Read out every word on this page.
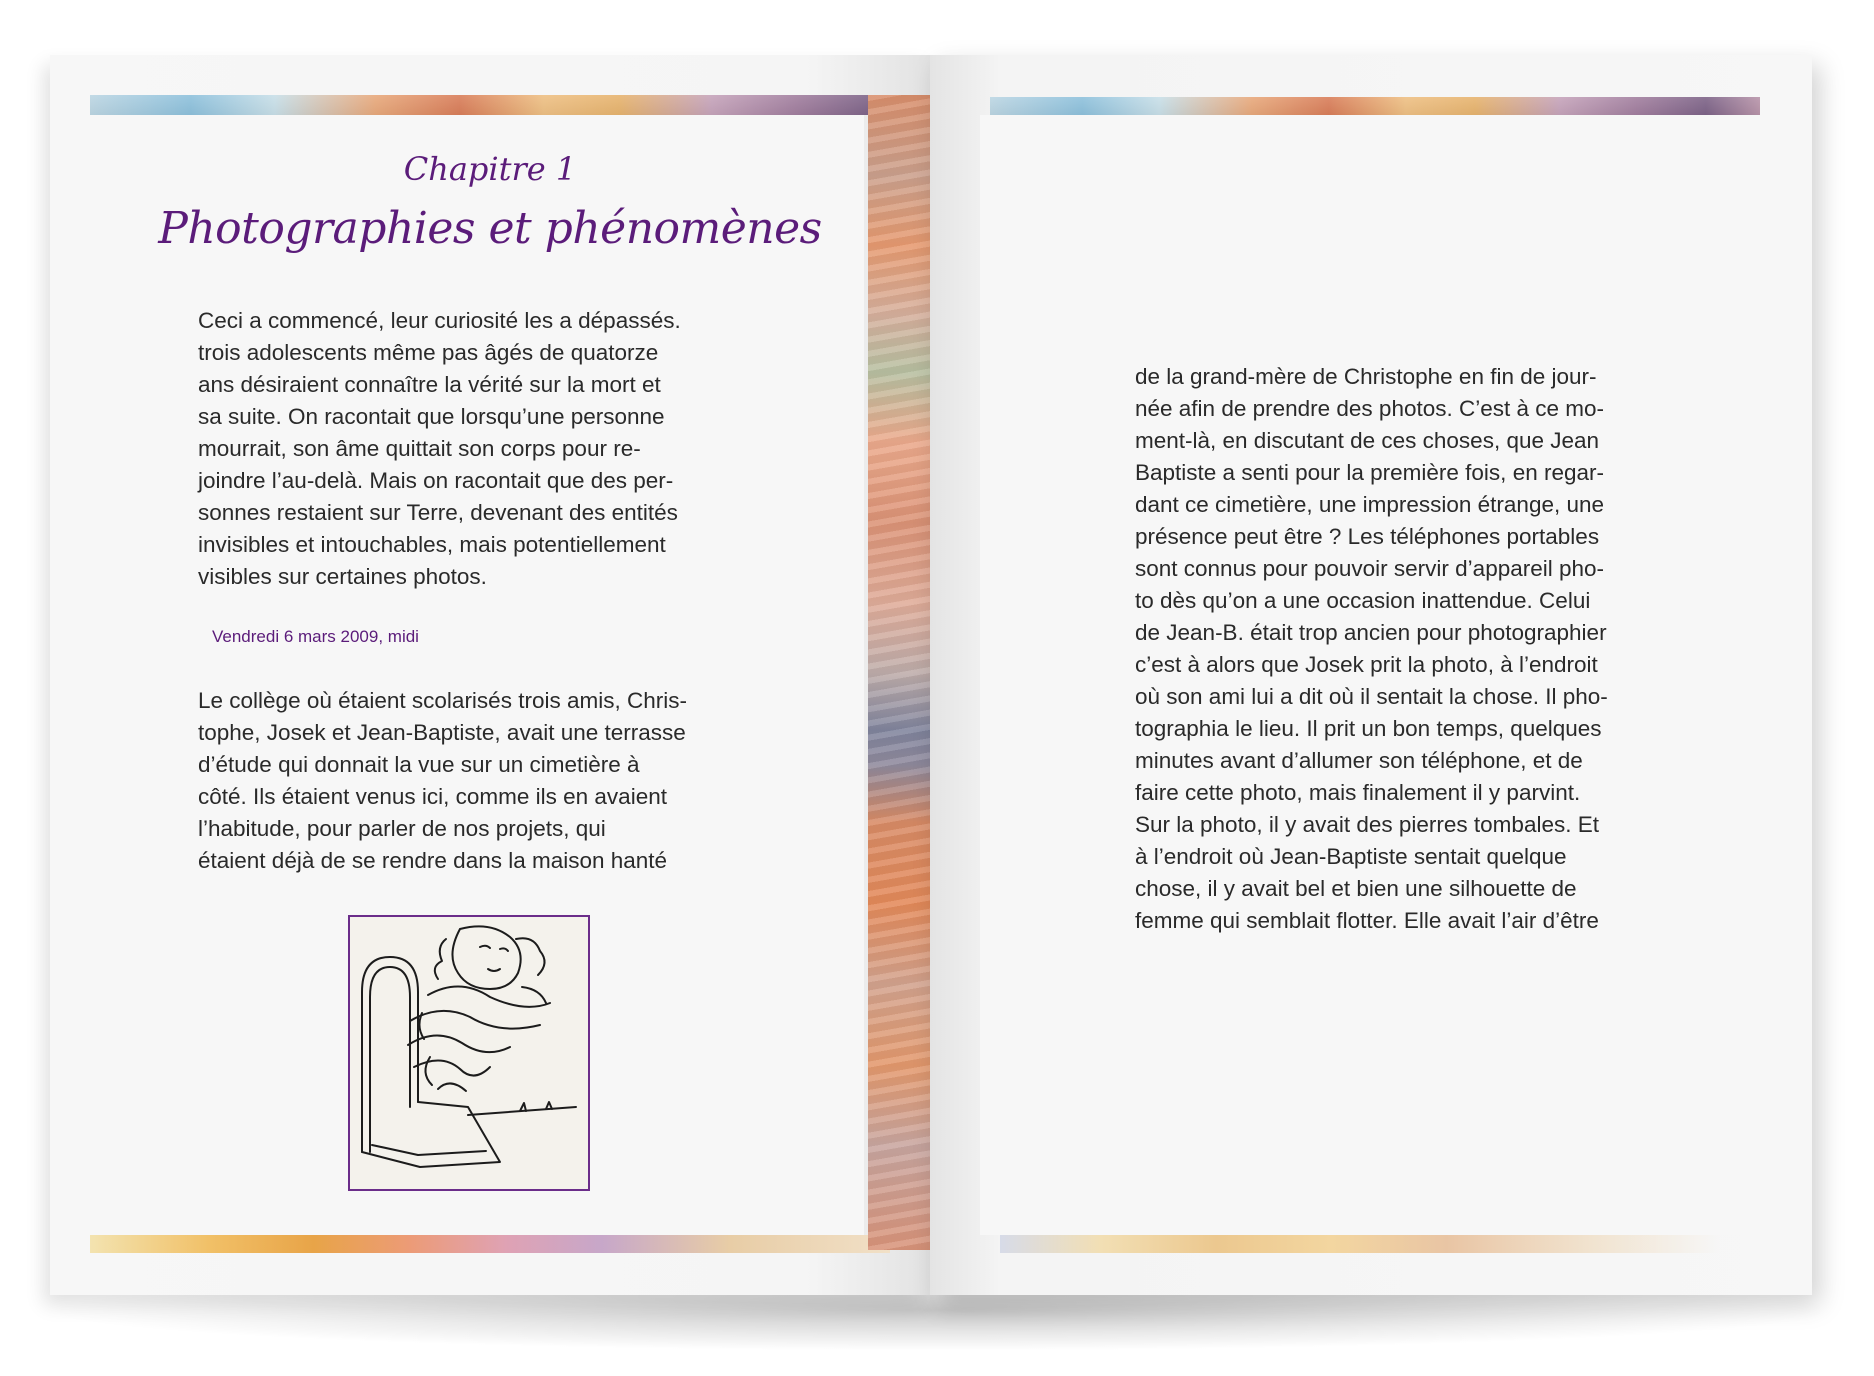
Chapitre 1
Photographies et phénomènes
Ceci a commencé, leur curiosité les a dépassés.
trois adolescents même pas âgés de quatorze
ans désiraient connaître la vérité sur la mort et
sa suite. On racontait que lorsqu’une personne
mourrait, son âme quittait son corps pour re-
joindre l’au-delà. Mais on racontait que des per-
sonnes restaient sur Terre, devenant des entités
invisibles et intouchables, mais potentiellement
visibles sur certaines photos.
Vendredi 6 mars 2009, midi
Le collège où étaient scolarisés trois amis, Chris-
tophe, Josek et Jean-Baptiste, avait une terrasse
d’étude qui donnait la vue sur un cimetière à
côté. Ils étaient venus ici, comme ils en avaient
l’habitude, pour parler de nos projets, qui
étaient déjà de se rendre dans la maison hanté
de la grand-mère de Christophe en fin de jour-
née afin de prendre des photos. C’est à ce mo-
ment-là, en discutant de ces choses, que Jean
Baptiste a senti pour la première fois, en regar-
dant ce cimetière, une impression étrange, une
présence peut être ? Les téléphones portables
sont connus pour pouvoir servir d’appareil pho-
to dès qu’on a une occasion inattendue. Celui
de Jean-B. était trop ancien pour photographier
c’est à alors que Josek prit la photo, à l’endroit
où son ami lui a dit où il sentait la chose. Il pho-
tographia le lieu. Il prit un bon temps, quelques
minutes avant d’allumer son téléphone, et de
faire cette photo, mais finalement il y parvint.
Sur la photo, il y avait des pierres tombales. Et
à l’endroit où Jean-Baptiste sentait quelque
chose, il y avait bel et bien une silhouette de
femme qui semblait flotter. Elle avait l’air d’être
